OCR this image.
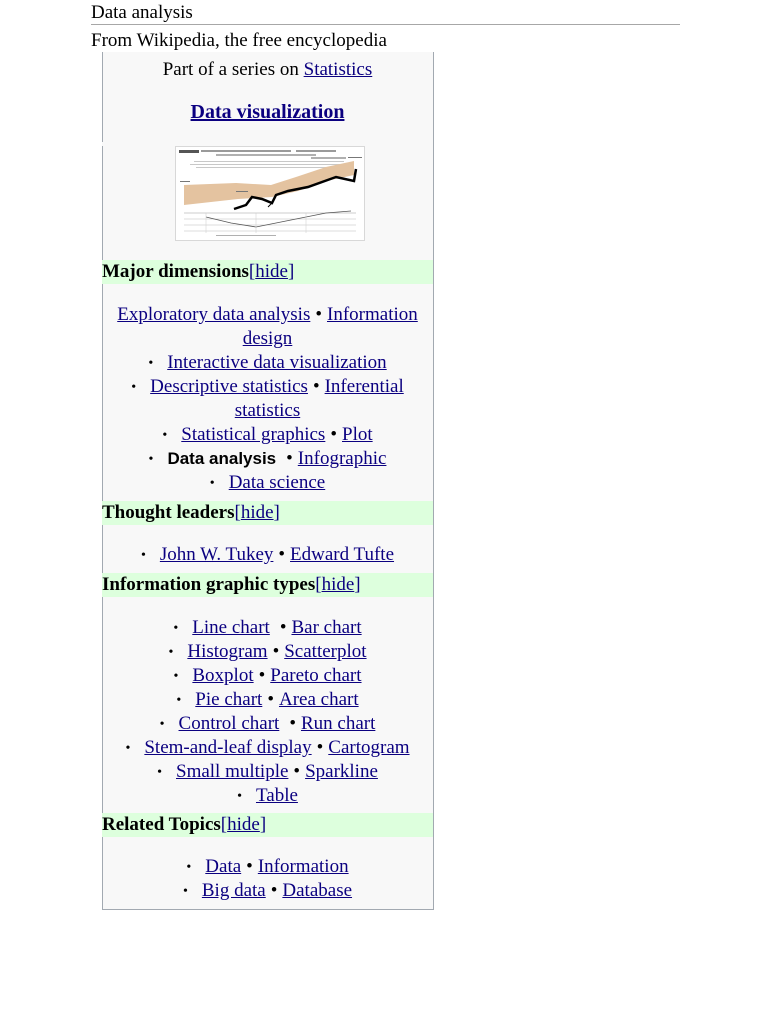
Data analysis
From Wikipedia, the free encyclopedia
Part of a series on Statistics
Data visualization
Major dimensions[hide]
Exploratory data analysis • Information
design
• Interactive data visualization
• Descriptive statistics • Inferential
statistics
• Statistical graphics • Plot
• Data analysis • Infographic
• Data science
Thought leaders[hide]
• John W. Tukey • Edward Tufte
Information graphic types[hide]
• Line chart • Bar chart
• Histogram • Scatterplot
• Boxplot • Pareto chart
• Pie chart • Area chart
• Control chart • Run chart
• Stem-and-leaf display • Cartogram
• Small multiple • Sparkline
• Table
Related Topics[hide]
• Data • Information
• Big data • Database
